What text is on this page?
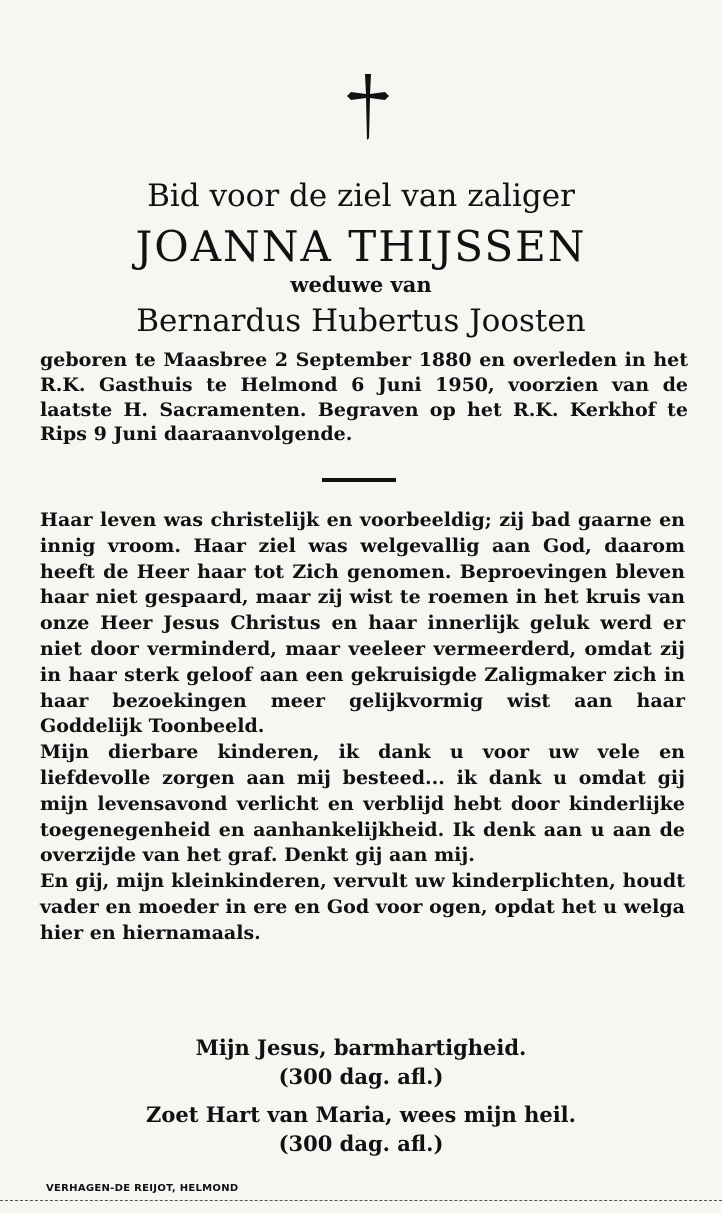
Bid voor de ziel van zaliger
JOANNA THIJSSEN
weduwe van
Bernardus Hubertus Joosten

geboren te Maasbree 2 September 1880 en overleden in het R.K. Gasthuis te Helmond 6 Juni 1950, voorzien van de laatste H. Sacramenten. Begraven op het R.K. Kerkhof te Rips 9 Juni daaraanvolgende.

Haar leven was christelijk en voorbeeldig; zij bad gaarne en innig vroom. Haar ziel was welgevallig aan God, daarom heeft de Heer haar tot Zich genomen. Beproevingen bleven haar niet gespaard, maar zij wist te roemen in het kruis van onze Heer Jesus Christus en haar innerlijk geluk werd er niet door verminderd, maar veeleer vermeerderd, omdat zij in haar sterk geloof aan een gekruisigde Zaligmaker zich in haar bezoekingen meer gelijkvormig wist aan haar Goddelijk Toonbeeld.

Mijn dierbare kinderen, ik dank u voor uw vele en liefdevolle zorgen aan mij besteed... ik dank u omdat gij mijn levensavond verlicht en verblijd hebt door kinderlijke toegenegenheid en aanhankelijkheid. Ik denk aan u aan de overzijde van het graf. Denkt gij aan mij.

En gij, mijn kleinkinderen, vervult uw kinderplichten, houdt vader en moeder in ere en God voor ogen, opdat het u welga hier en hiernamaals.

Mijn Jesus, barmhartigheid.
(300 dag. afl.)
Zoet Hart van Maria, wees mijn heil.
(300 dag. afl.)
VERHAGEN-DE REIJOT, HELMOND
